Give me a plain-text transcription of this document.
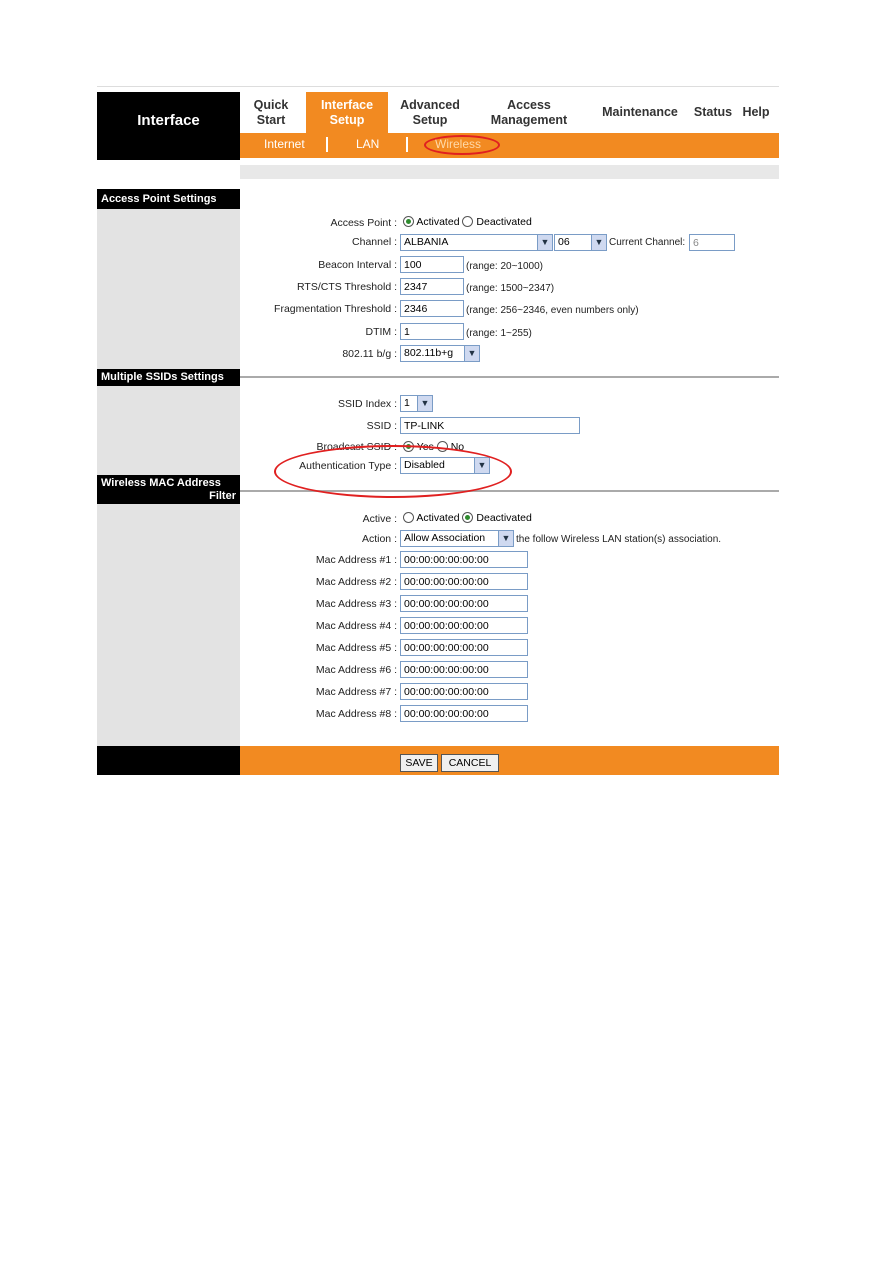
Interface
Quick
Start
Interface
Setup
Advanced
Setup
Access
Management
Maintenance	Status Help
Internet	LAN	Wireless
Access Point Settings
Multiple SSIDs Settings
Wireless MAC Address
Filter
Access Point :	Activated Deactivated
Channel : ALBANIA	▼ 06	▼ Current Channel: 6
Beacon Interval : 100	(range: 20~1000)
RTS/CTS Threshold : 2347	(range: 1500~2347)
Fragmentation Threshold : 2346	(range: 256~2346, even numbers only)
DTIM : 1	(range: 1~255)
802.11 b/g : 802.11b+g	▼
SSID Index : 1	▼
SSID : TP-LINK
Broadcast SSID :	Yes No
Authentication Type : Disabled	▼
Active :	Activated Deactivated
Action : Allow Association	▼ the follow Wireless LAN station(s) association.
Mac Address #1 : 00:00:00:00:00:00
Mac Address #2 : 00:00:00:00:00:00
Mac Address #3 : 00:00:00:00:00:00
Mac Address #4 : 00:00:00:00:00:00
Mac Address #5 : 00:00:00:00:00:00
Mac Address #6 : 00:00:00:00:00:00
Mac Address #7 : 00:00:00:00:00:00
Mac Address #8 : 00:00:00:00:00:00
SAVE	CANCEL
